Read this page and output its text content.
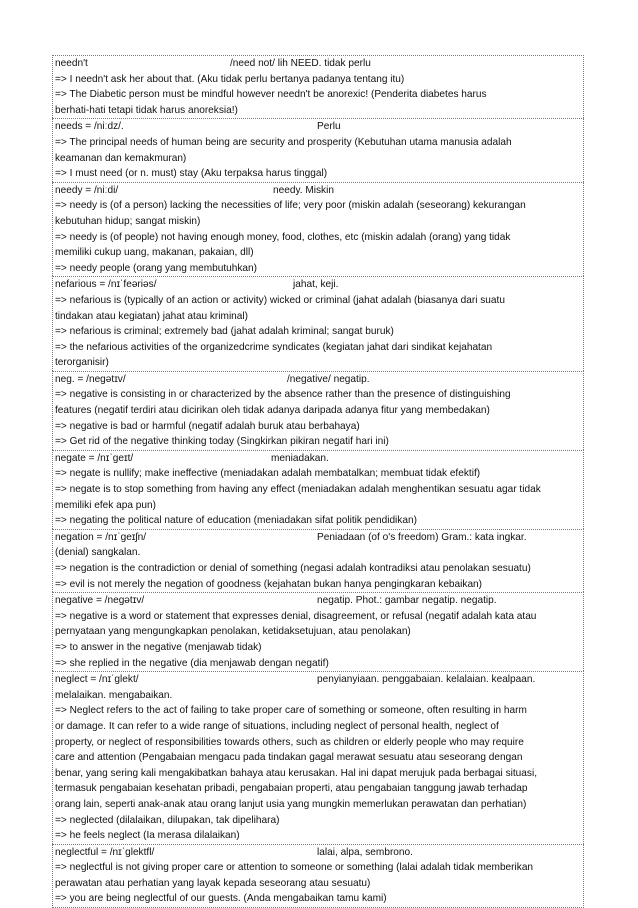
needn't	/need not/ lih NEED. tidak perlu
=> I needn't ask her about that. (Aku tidak perlu bertanya padanya tentang itu)
=> The Diabetic person must be mindful however needn't be anorexic! (Penderita diabetes harus
berhati-hati tetapi tidak harus anoreksia!)
needs = /niːdz/.	Perlu
=> The principal needs of human being are security and prosperity (Kebutuhan utama manusia adalah
keamanan dan kemakmuran)
=> I must need (or n. must) stay (Aku terpaksa harus tinggal)
needy = /niːdi/	needy. Miskin
=> needy is (of a person) lacking the necessities of life; very poor (miskin adalah (seseorang) kekurangan
kebutuhan hidup; sangat miskin)
=> needy is (of people) not having enough money, food, clothes, etc (miskin adalah (orang) yang tidak
memiliki cukup uang, makanan, pakaian, dll)
=> needy people (orang yang membutuhkan)
nefarious = /nɪˈfeəriəs/	jahat, keji.
=> nefarious is (typically of an action or activity) wicked or criminal (jahat adalah (biasanya dari suatu
tindakan atau kegiatan) jahat atau kriminal)
=> nefarious is criminal; extremely bad (jahat adalah kriminal; sangat buruk)
=> the nefarious activities of the organizedcrime syndicates (kegiatan jahat dari sindikat kejahatan
terorganisir)
neg. = /negətɪv/	/negative/ negatip.
=> negative is consisting in or characterized by the absence rather than the presence of distinguishing
features (negatif terdiri atau dicirikan oleh tidak adanya daripada adanya fitur yang membedakan)
=> negative is bad or harmful (negatif adalah buruk atau berbahaya)
=> Get rid of the negative thinking today (Singkirkan pikiran negatif hari ini)
negate = /nɪˈgeɪt/	meniadakan.
=> negate is nullify; make ineffective (meniadakan adalah membatalkan; membuat tidak efektif)
=> negate is to stop something from having any effect (meniadakan adalah menghentikan sesuatu agar tidak
memiliki efek apa pun)
=> negating the political nature of education (meniadakan sifat politik pendidikan)
negation = /nɪˈgeɪʃn/	Peniadaan (of o's freedom) Gram.: kata ingkar.
(denial) sangkalan.
=> negation is the contradiction or denial of something (negasi adalah kontradiksi atau penolakan sesuatu)
=> evil is not merely the negation of goodness (kejahatan bukan hanya pengingkaran kebaikan)
negative = /negətɪv/	negatip. Phot.: gambar negatip. negatip.
=> negative is a word or statement that expresses denial, disagreement, or refusal (negatif adalah kata atau
pernyataan yang mengungkapkan penolakan, ketidaksetujuan, atau penolakan)
=> to answer in the negative (menjawab tidak)
=> she replied in the negative (dia menjawab dengan negatif)
neglect = /nɪˈglekt/	penyianyiaan. penggabaian. kelalaian. kealpaan.
melalaikan. mengabaikan.
=> Neglect refers to the act of failing to take proper care of something or someone, often resulting in harm
or damage. It can refer to a wide range of situations, including neglect of personal health, neglect of
property, or neglect of responsibilities towards others, such as children or elderly people who may require
care and attention (Pengabaian mengacu pada tindakan gagal merawat sesuatu atau seseorang dengan
benar, yang sering kali mengakibatkan bahaya atau kerusakan. Hal ini dapat merujuk pada berbagai situasi,
termasuk pengabaian kesehatan pribadi, pengabaian properti, atau pengabaian tanggung jawab terhadap
orang lain, seperti anak-anak atau orang lanjut usia yang mungkin memerlukan perawatan dan perhatian)
=> neglected (dilalaikan, dilupakan, tak dipelihara)
=> he feels neglect (Ia merasa dilalaikan)
neglectful = /nɪˈglektfl/	lalai, alpa, sembrono.
=> neglectful is not giving proper care or attention to someone or something (lalai adalah tidak memberikan
perawatan atau perhatian yang layak kepada seseorang atau sesuatu)
=> you are being neglectful of our guests. (Anda mengabaikan tamu kami)
